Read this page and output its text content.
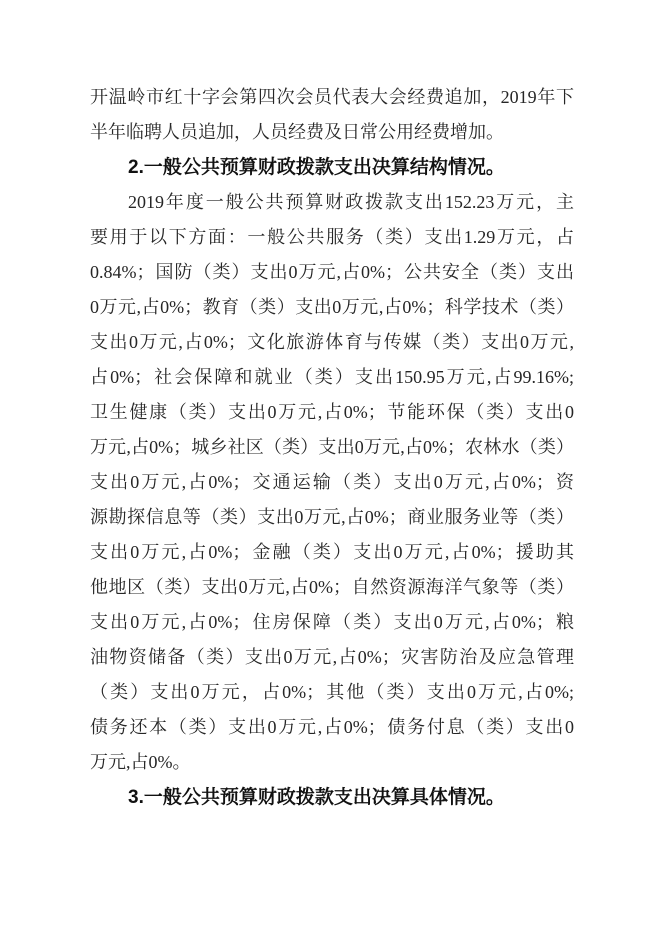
开温岭市红十字会第四次会员代表大会经费追加，2019年下
半年临聘人员追加，人员经费及日常公用经费增加。
2.一般公共预算财政拨款支出决算结构情况。
2019年度一般公共预算财政拨款支出152.23万元，主
要用于以下方面：一般公共服务（类）支出1.29万元，占
0.84%；国防（类）支出0万元,占0%；公共安全（类）支出
0万元,占0%；教育（类）支出0万元,占0%；科学技术（类）
支出0万元,占0%；文化旅游体育与传媒（类）支出0万元,
占0%；社会保障和就业（类）支出150.95万元,占99.16%;
卫生健康（类）支出0万元,占0%；节能环保（类）支出0
万元,占0%；城乡社区（类）支出0万元,占0%；农林水（类）
支出0万元,占0%；交通运输（类）支出0万元,占0%；资
源勘探信息等（类）支出0万元,占0%；商业服务业等（类）
支出0万元,占0%；金融（类）支出0万元,占0%；援助其
他地区（类）支出0万元,占0%；自然资源海洋气象等（类）
支出0万元,占0%；住房保障（类）支出0万元,占0%；粮
油物资储备（类）支出0万元,占0%；灾害防治及应急管理
（类）支出0万元，占0%；其他（类）支出0万元,占0%;
债务还本（类）支出0万元,占0%；债务付息（类）支出0
万元,占0%。
3.一般公共预算财政拨款支出决算具体情况。
